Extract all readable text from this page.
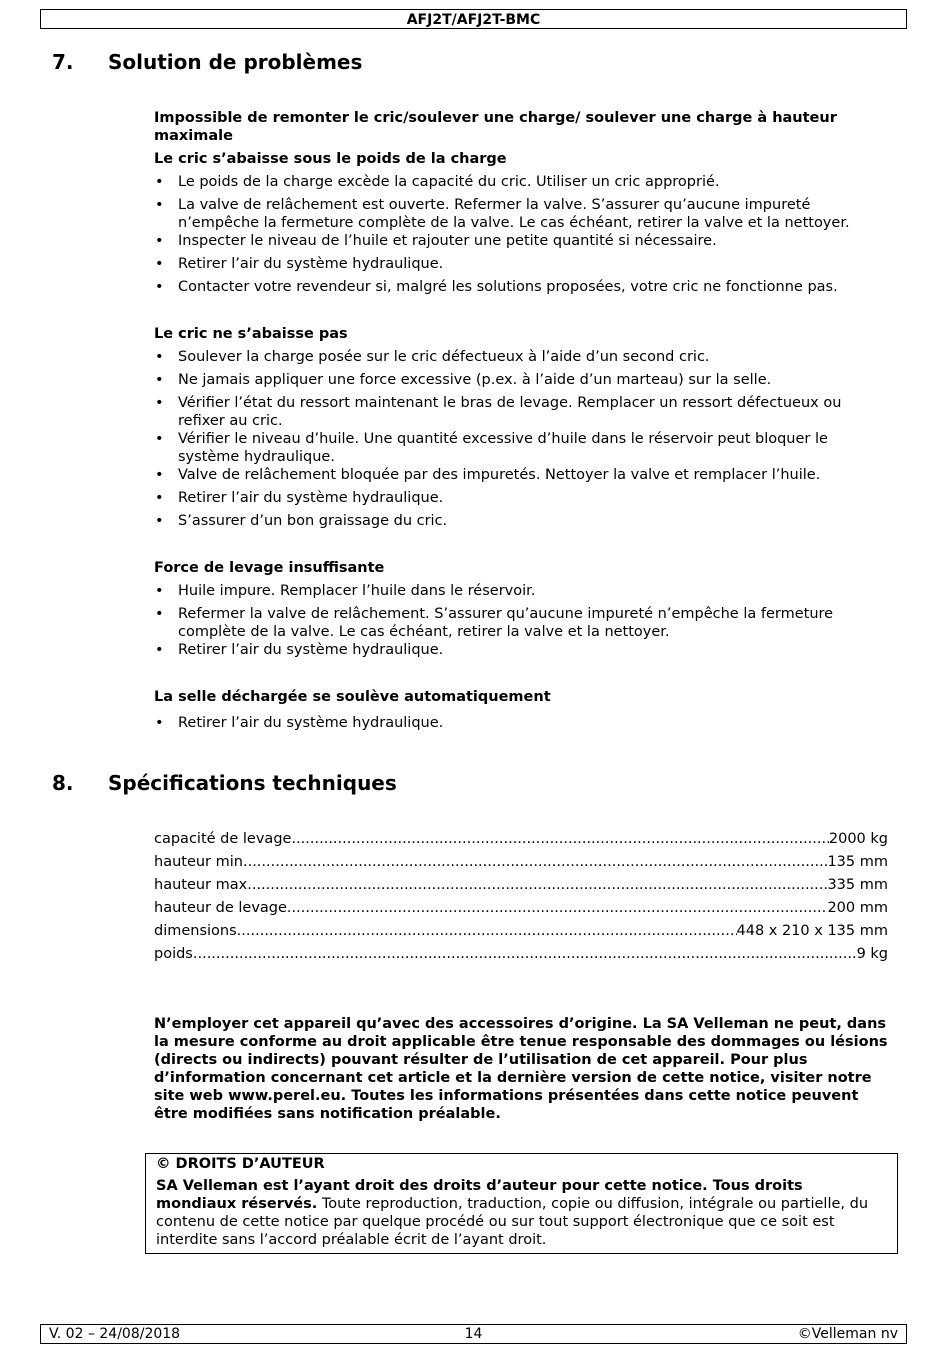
AFJ2T/AFJ2T-BMC
7. Solution de problèmes

Impossible de remonter le cric/soulever une charge/ soulever une charge à hauteur maximale

Le cric s’abaisse sous le poids de la charge

• Le poids de la charge excède la capacité du cric. Utiliser un cric approprié.
• La valve de relâchement est ouverte. Refermer la valve. S’assurer qu’aucune impureté n’empêche la fermeture complète de la valve. Le cas échéant, retirer la valve et la nettoyer.
• Inspecter le niveau de l’huile et rajouter une petite quantité si nécessaire.
• Retirer l’air du système hydraulique.
• Contacter votre revendeur si, malgré les solutions proposées, votre cric ne fonctionne pas.

Le cric ne s’abaisse pas

• Soulever la charge posée sur le cric défectueux à l’aide d’un second cric.
• Ne jamais appliquer une force excessive (p.ex. à l’aide d’un marteau) sur la selle.
• Vérifier l’état du ressort maintenant le bras de levage. Remplacer un ressort défectueux ou refixer au cric.
• Vérifier le niveau d’huile. Une quantité excessive d’huile dans le réservoir peut bloquer le système hydraulique.
• Valve de relâchement bloquée par des impuretés. Nettoyer la valve et remplacer l’huile.
• Retirer l’air du système hydraulique.
• S’assurer d’un bon graissage du cric.

Force de levage insuffisante

• Huile impure. Remplacer l’huile dans le réservoir.
• Refermer la valve de relâchement. S’assurer qu’aucune impureté n’empêche la fermeture complète de la valve. Le cas échéant, retirer la valve et la nettoyer.
• Retirer l’air du système hydraulique.

La selle déchargée se soulève automatiquement

• Retirer l’air du système hydraulique.
8. Spécifications techniques
capacité de levage .....	2000 kg
hauteur min. .....	135 mm
hauteur max. .....	335 mm
hauteur de levage .....	200 mm
dimensions .....	448 x 210 x 135 mm
poids .....	9 kg
N’employer cet appareil qu’avec des accessoires d’origine. La SA Velleman ne peut, dans la mesure conforme au droit applicable être tenue responsable des dommages ou lésions (directs ou indirects) pouvant résulter de l’utilisation de cet appareil. Pour plus d’information concernant cet article et la dernière version de cette notice, visiter notre site web www.perel.eu. Toutes les informations présentées dans cette notice peuvent être modifiées sans notification préalable.
© DROITS D’AUTEUR
SA Velleman est l’ayant droit des droits d’auteur pour cette notice. Tous droits mondiaux réservés. Toute reproduction, traduction, copie ou diffusion, intégrale ou partielle, du contenu de cette notice par quelque procédé ou sur tout support électronique que ce soit est interdite sans l’accord préalable écrit de l’ayant droit.
V. 02 – 24/08/2018	14	©Velleman nv
